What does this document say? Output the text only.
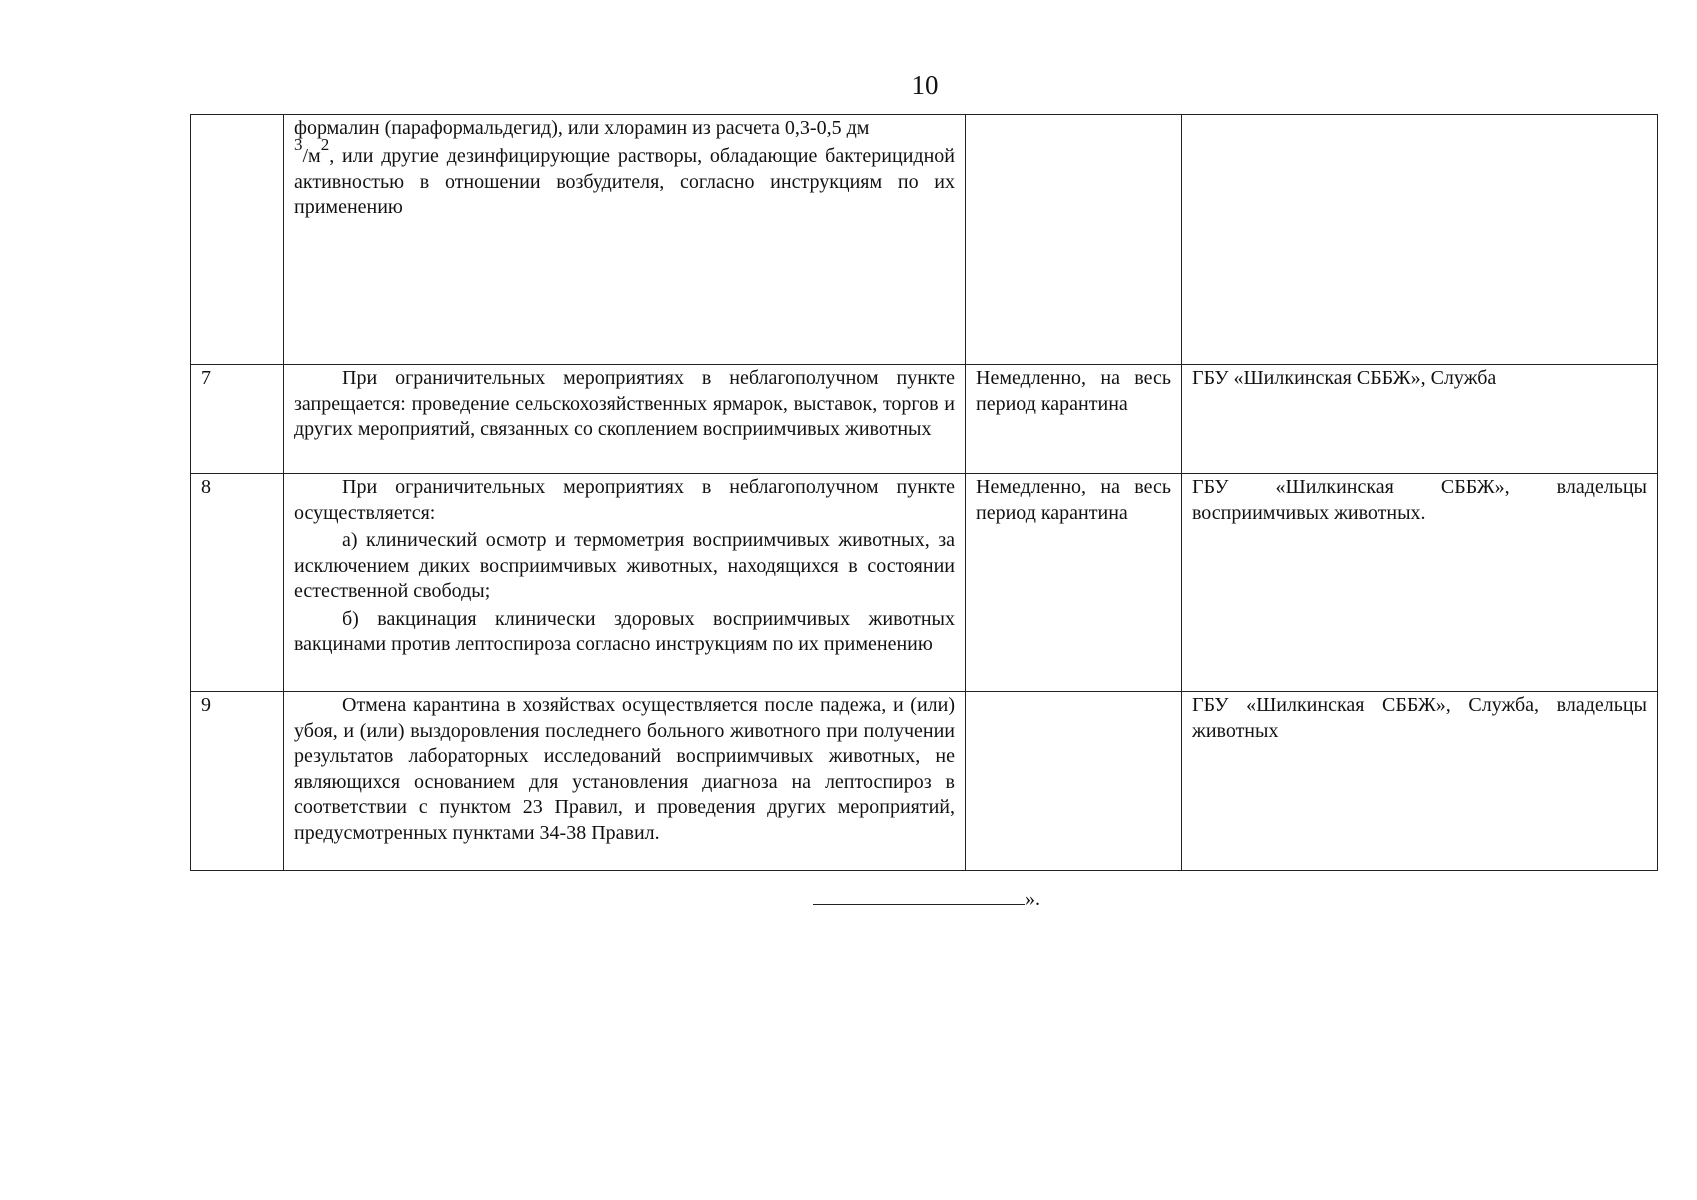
10

	формалин (параформальдегид), или хлорамин из расчета 0,3-0,5 дм

$^3/м^2$, или другие дезинфицирующие растворы, обладающие бактерицидной активностью в отношении возбудителя, согласно инструкциям по их применению		

7	При ограничительных мероприятиях в неблагополучном пункте запрещается: проведение сельскохозяйственных ярмарок, выставок, торгов и других мероприятий, связанных со скоплением восприимчивых животных	Немедленно, на весь период карантина	ГБУ «Шилкинская СББЖ», Служба

8	При ограничительных мероприятиях в неблагополучном пункте осуществляется:

а) клинический осмотр и термометрия восприимчивых животных, за исключением диких восприимчивых животных, находящихся в состоянии естественной свободы;

б) вакцинация клинически здоровых восприимчивых животных вакцинами против лептоспироза согласно инструкциям по их применению	Немедленно, на весь период карантина	ГБУ «Шилкинская СББЖ», владельцы восприимчивых животных.

9	Отмена карантина в хозяйствах осуществляется после падежа, и (или) убоя, и (или) выздоровления последнего больного животного при получении результатов лабораторных исследований восприимчивых животных, не являющихся основанием для установления диагноза на лептоспироз в соответствии с пунктом 23 Правил, и проведения других мероприятий, предусмотренных пунктами 34-38 Правил.		ГБУ «Шилкинская СББЖ», Служба, владельцы животных

».
